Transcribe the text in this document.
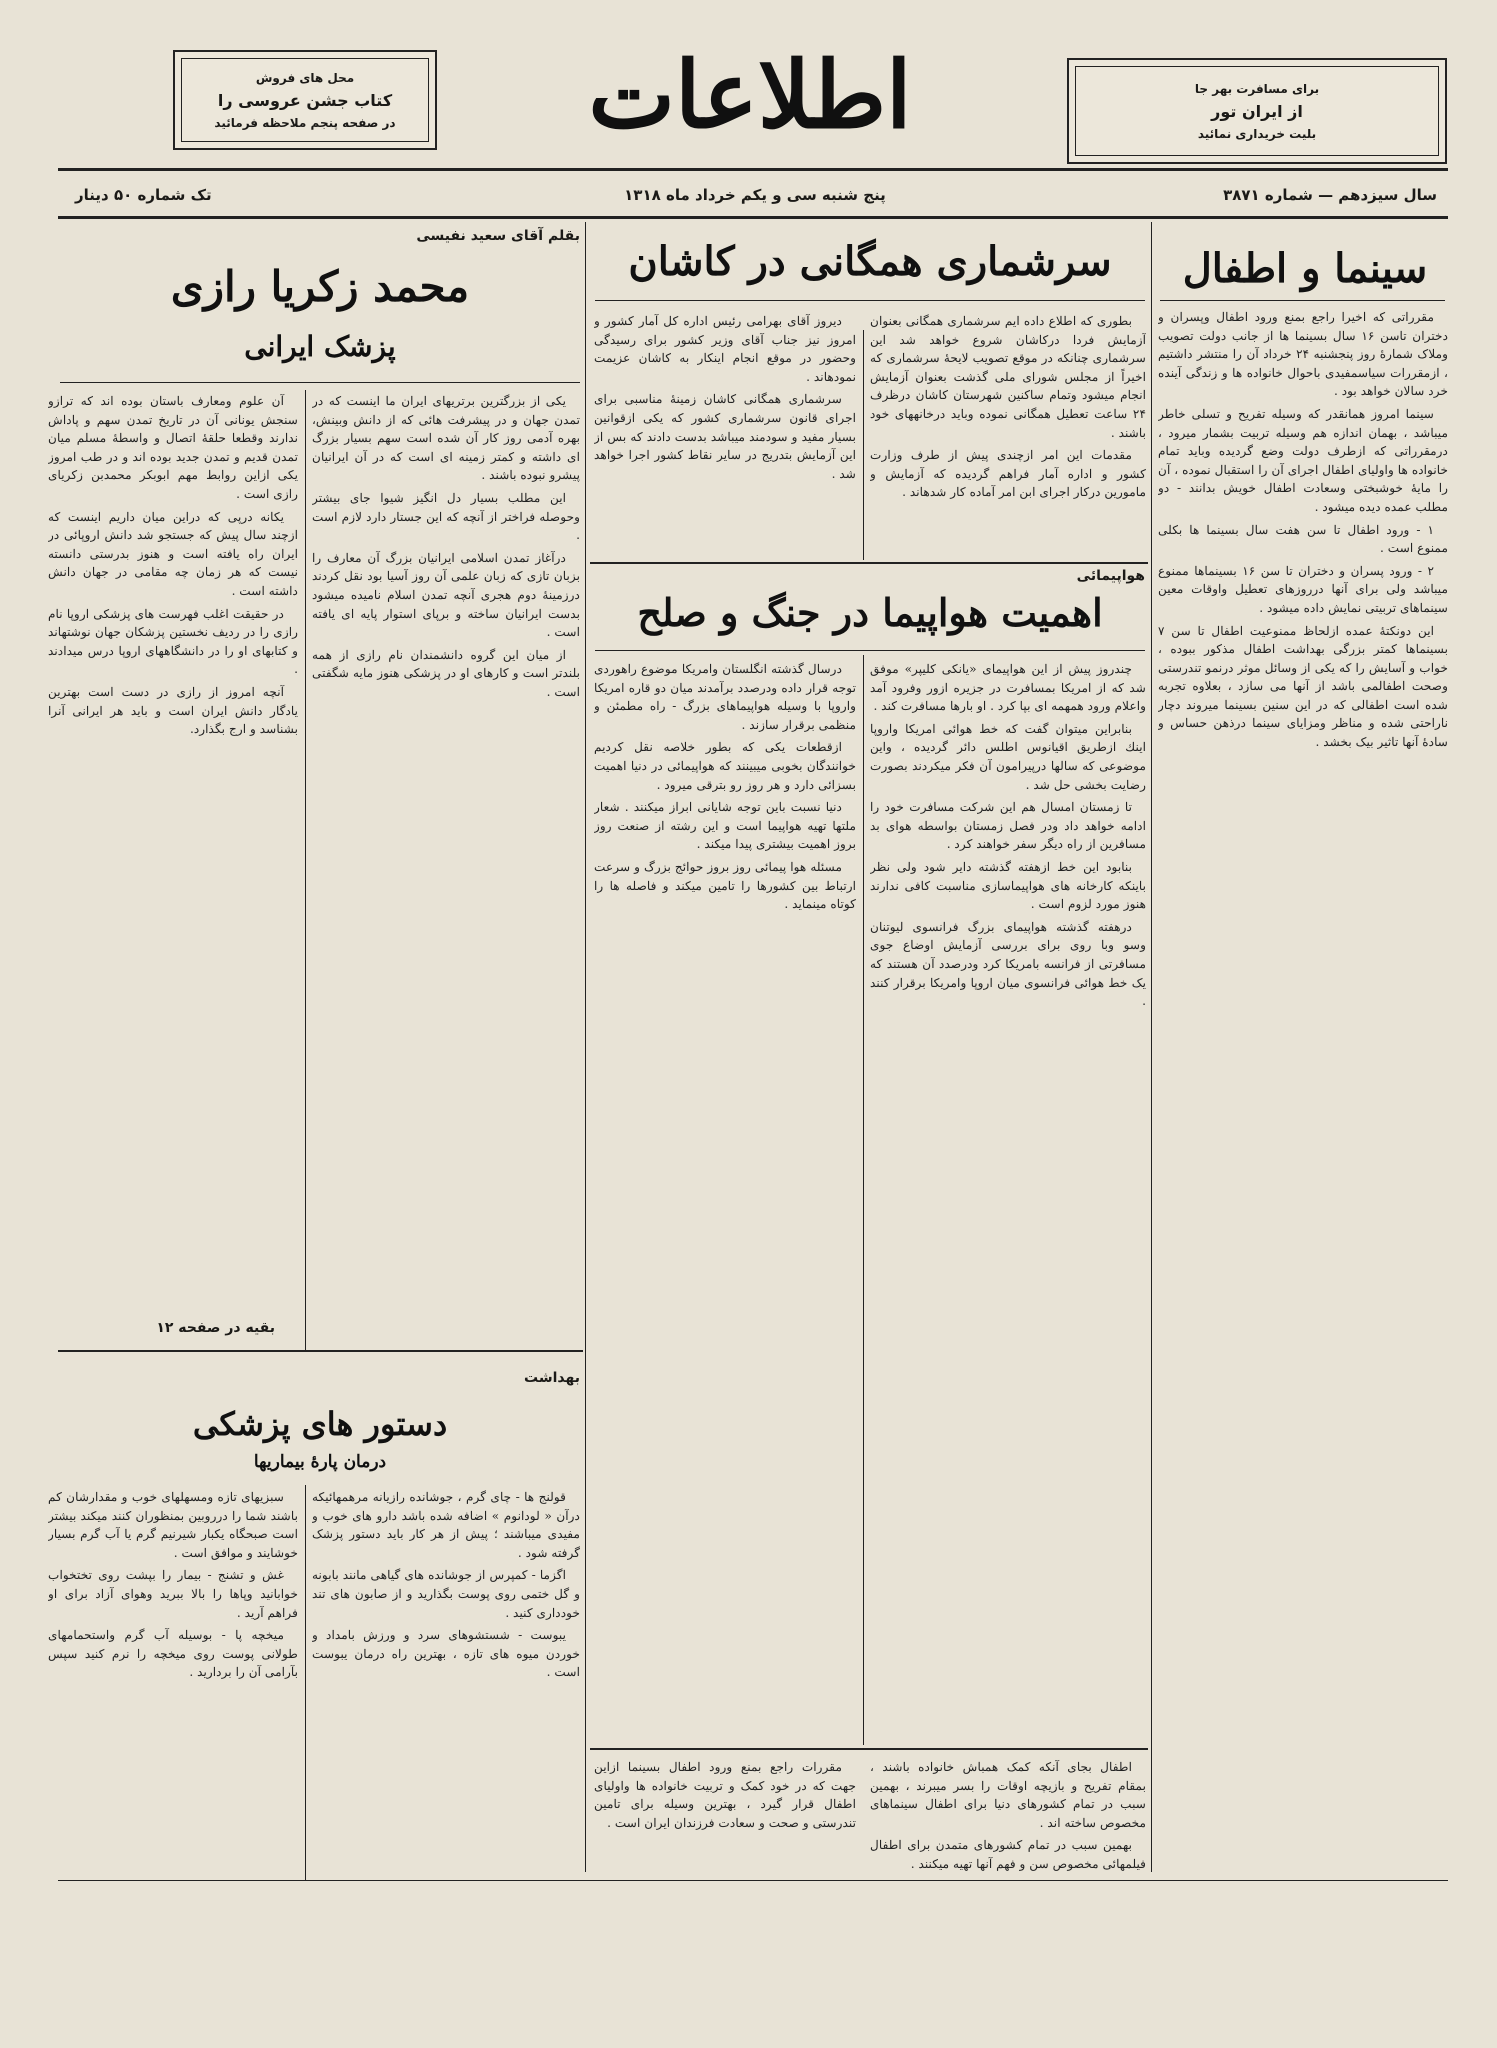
برای مسافرت بهر جا
از ایران تور
بلیت خریداری نمائید
اطلاعات
محل های فروش
کتاب جشن عروسی را
در صفحه پنجم ملاحظه فرمائید
سال سیزدهم — شماره ۳۸۷۱
پنج شنبه سی و یکم خرداد ماه ۱۳۱۸
تک شماره ۵۰ دینار
سینما و اطفال

مقرراتی که اخیرا راجع بمنع ورود اطفال وپسران و دختران تاسن ۱۶ سال بسینما ها از جانب دولت تصویب وملاک شمارهٔ روز پنجشنبه ۲۴ خرداد آن را منتشر داشتیم ، ازمقررات سیاسمفیدی باحوال خانواده ها و زندگی آینده خرد سالان خواهد بود .

سینما امروز همانقدر که وسیله تفریح و تسلی خاطر میباشد ، بهمان اندازه هم وسیله تربیت بشمار میرود ، درمقرراتی که ازطرف دولت وضع گردیده وباید تمام خانواده ها واولیای اطفال اجرای آن را استقبال نموده ، آن را مایهٔ خوشبختی وسعادت اطفال خویش بدانند - دو مطلب عمده دیده میشود .

۱ - ورود اطفال تا سن هفت سال بسینما ها بکلی ممنوع است .

۲ - ورود پسران و دختران تا سن ۱۶ بسینماها ممنوع میباشد ولی برای آنها درروزهای تعطیل واوقات معین سینماهای تربیتی نمایش داده میشود .

این دونکتهٔ عمده ازلحاظ ممنوعیت اطفال تا سن ۷ بسینماها کمتر بزرگی بهداشت اطفال مذکور ببوده ، خواب و آسایش را که یکی از وسائل موثر درنمو تندرستی وصحت اطفالمی باشد از آنها می سازد ، بعلاوه تجربه شده است اطفالی که در این سنین بسینما میروند دچار ناراحتی شده و مناظر ومزایای سینما درذهن حساس و سادهٔ آنها تاثیر بیک بخشد .

سرشماری همگانی در کاشان

بطوری که اطلاع داده ایم سرشماری همگانی بعنوان آزمایش فردا درکاشان شروع خواهد شد این سرشماری چنانکه در موقع تصویب لایحهٔ سرشماری که اخیراً از مجلس شورای ملی گذشت بعنوان آزمایش انجام میشود وتمام ساکنین شهرستان کاشان درظرف ۲۴ ساعت تعطیل همگانی نموده وباید درخانههای خود باشند .

مقدمات این امر ازچندی پیش از طرف وزارت کشور و اداره آمار فراهم گردیده که آزمایش و مامورین درکار اجرای ابن امر آماده کار شدهاند .

دیروز آقای بهرامی رئیس اداره کل آمار کشور و امروز نیز جناب آقای وزیر کشور برای رسیدگی وحضور در موقع انجام اینکار به کاشان عزیمت نمودهاند .

سرشماری همگانی کاشان زمینهٔ مناسبی برای اجرای قانون سرشماری کشور که یکی ازقوانین بسیار مفید و سودمند میباشد بدست دادند که بس از این آزمایش بتدریج در سایر نقاط کشور اجرا خواهد شد .

هواپیمائی
اهمیت هواپیما در جنگ و صلح

چندروز پیش از این هواپیمای «یانکی کلیپر» موفق شد که از امریکا بمسافرت در جزیره ازور وفرود آمد واعلام ورود همهمه ای بپا کرد . او بارها مسافرت کند .

بنابراین میتوان گفت که خط هوائی امریکا واروپا اینك ازطریق اقیانوس اطلس دائر گردیده ، واین موضوعی که سالها درپیرامون آن فکر میکردند بصورت رضایت بخشی حل شد .

تا زمستان امسال هم این شرکت مسافرت خود را ادامه خواهد داد ودر فصل زمستان بواسطه هوای بد مسافرین از راه دیگر سفر خواهند کرد .

بنابود این خط ازهفته گذشته دایر شود ولی نظر باینکه کارخانه های هواپیماسازی مناسبت کافی ندارند هنوز مورد لزوم است .

درهفته گذشته هواپیمای بزرگ فرانسوی لیوتنان وسو وبا روی برای بررسی آزمایش اوضاع جوی مسافرتی از فرانسه بامریکا کرد ودرصدد آن هستند که یک خط هوائی فرانسوی میان اروپا وامریکا برقرار کنند .

درسال گذشته انگلستان وامریکا موضوع راهوردی توجه قرار داده ودرصدد برآمدند میان دو قاره امریکا واروپا با وسیله هواپیماهای بزرگ - راه مطمئن و منظمی برقرار سازند .

ازقطعات یکی که بطور خلاصه نقل کردیم خوانندگان بخوبی میبینند که هواپیمائی در دنیا اهمیت بسزائی دارد و هر روز رو بترقی میرود .

دنیا نسبت باین توجه شایانی ابراز میکنند . شعار ملتها تهیه هواپیما است و این رشته از صنعت روز بروز اهمیت بیشتری پیدا میکند .

مسئله هوا پیمائی روز بروز حوائج بزرگ و سرعت ارتباط بین کشورها را تامین میکند و فاصله ها را کوتاه مینماید .

اطفال بجای آنکه کمک همباش خانواده باشند ، بمقام تفریح و بازیچه اوقات را بسر میبرند ، بهمین سبب در تمام کشورهای دنیا برای اطفال سینماهای مخصوص ساخته اند .

بهمین سبب در تمام کشورهای متمدن برای اطفال فیلمهائی مخصوص سن و فهم آنها تهیه میکنند .

مقررات راجع بمنع ورود اطفال بسینما ازاین جهت که در خود کمک و تربیت خانواده ها واولیای اطفال قرار گیرد ، بهترین وسیله برای تامین تندرستی و صحت و سعادت فرزندان ایران است .

بقلم آقای سعید نفیسی
محمد زکریا رازی
پزشک ایرانی

یکی از بزرگترین برتریهای ایران ما اینست که در تمدن جهان و در پیشرفت هائی که از دانش وبینش، بهره آدمی روز کار آن شده است سهم بسیار بزرگ ای داشته و کمتر زمینه ای است که در آن ایرانیان پیشرو نبوده باشند .

این مطلب بسیار دل انگیز شیوا جای بیشتر وحوصله فراختر از آنچه که این جستار دارد لازم است .

درآغاز تمدن اسلامی ایرانیان بزرگ آن معارف را بزبان تازی که زبان علمی آن روز آسیا بود نقل کردند درزمینهٔ دوم هجری آنچه تمدن اسلام نامیده میشود بدست ایرانیان ساخته و برپای استوار پایه ای یافته است .

از میان این گروه دانشمندان نام رازی از همه بلندتر است و کارهای او در پزشکی هنوز مایه شگفتی است .

آن علوم ومعارف باستان بوده اند که ترازو سنجش یونانی آن در تاریخ تمدن سهم و پاداش ندارند وقطعا حلقهٔ اتصال و واسطهٔ مسلم میان تمدن قدیم و تمدن جدید بوده اند و در طب امروز یکی ازاین روابط مهم ابوبکر محمدبن زکریای رازی است .

یکانه درپی که دراین میان داریم اینست که ازچند سال پیش که جستجو شد دانش اروپائی در ایران راه یافته است و هنوز بدرستی دانسته نیست که هر زمان چه مقامی در جهان دانش داشته است .

در حقیقت اغلب فهرست های پزشکی اروپا نام رازی را در ردیف نخستین پزشکان جهان نوشتهاند و کتابهای او را در دانشگاههای اروپا درس میدادند .

آنچه امروز از رازی در دست است بهترین یادگار دانش ایران است و باید هر ایرانی آنرا بشناسد و ارج بگذارد.

بقیه در صفحه ۱۲
بهداشت
دستور های پزشکی
درمان پارهٔ بیماریها

قولنج ها - چای گرم ، جوشانده رازیانه مرهمهائیکه درآن « لودانوم » اضافه شده باشد دارو های خوب و مفیدی میباشند ؛ پیش از هر کار باید دستور پزشک گرفته شود .

اگزما - کمپرس از جوشانده های گیاهی مانند بابونه و گل ختمی روی پوست بگذارید و از صابون های تند خودداری کنید .

یبوست - شستشوهای سرد و ورزش بامداد و خوردن میوه های تازه ، بهترین راه درمان یبوست است .

سبزیهای تازه ومسهلهای خوب و مقدارشان کم باشند شما را درروبین بمنظوران کنند میکند بیشتر است صبحگاه یکبار شیرنیم گرم یا آب گرم بسیار خوشایند و موافق است .

غش و تشنج - بیمار را بپشت روی تختخواب خوابانید وپاها را بالا ببرید وهوای آزاد برای او فراهم آرید .

میخچه پا - بوسیله آب گرم واستحمامهای طولانی پوست روی میخچه را نرم کنید سپس بآرامی آن را بردارید .
